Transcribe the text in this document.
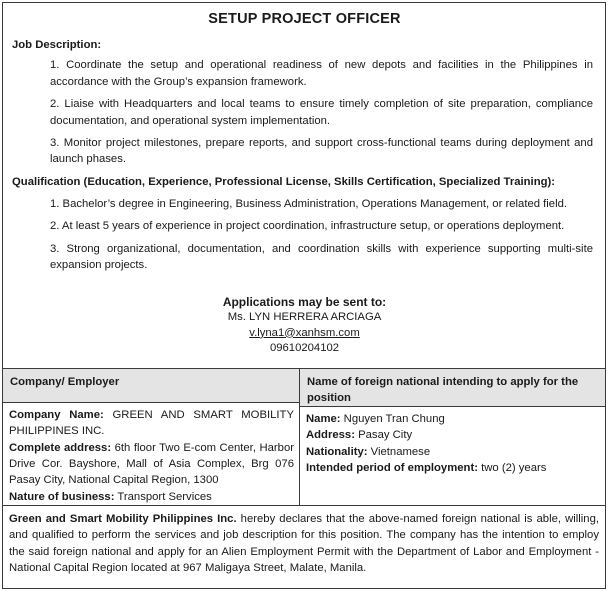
SETUP PROJECT OFFICER
Job Description:
1. Coordinate the setup and operational readiness of new depots and facilities in the Philippines in accordance with the Group’s expansion framework.
2. Liaise with Headquarters and local teams to ensure timely completion of site preparation, compliance documentation, and operational system implementation.
3. Monitor project milestones, prepare reports, and support cross-functional teams during deployment and launch phases.
Qualification (Education, Experience, Professional License, Skills Certification, Specialized Training):
1. Bachelor’s degree in Engineering, Business Administration, Operations Management, or related field.
2. At least 5 years of experience in project coordination, infrastructure setup, or operations deployment.
3. Strong organizational, documentation, and coordination skills with experience supporting multi-site expansion projects.
Applications may be sent to:
Ms. LYN HERRERA ARCIAGA
v.lyna1@xanhsm.com
09610204102
Company/ Employer

Company Name: GREEN AND SMART MOBILITY PHILIPPINES INC.

Complete address: 6th floor Two E-com Center, Harbor Drive Cor. Bayshore, Mall of Asia Complex, Brg 076 Pasay City, National Capital Region, 1300

Nature of business: Transport Services

Name of foreign national intending to apply for the position

Name: Nguyen Tran Chung

Address: Pasay City

Nationality: Vietnamese

Intended period of employment: two (2) years

Green and Smart Mobility Philippines Inc. hereby declares that the above-named foreign national is able, willing, and qualified to perform the services and job description for this position. The company has the intention to employ the said foreign national and apply for an Alien Employment Permit with the Department of Labor and Employment -National Capital Region located at 967 Maligaya Street, Malate, Manila.
